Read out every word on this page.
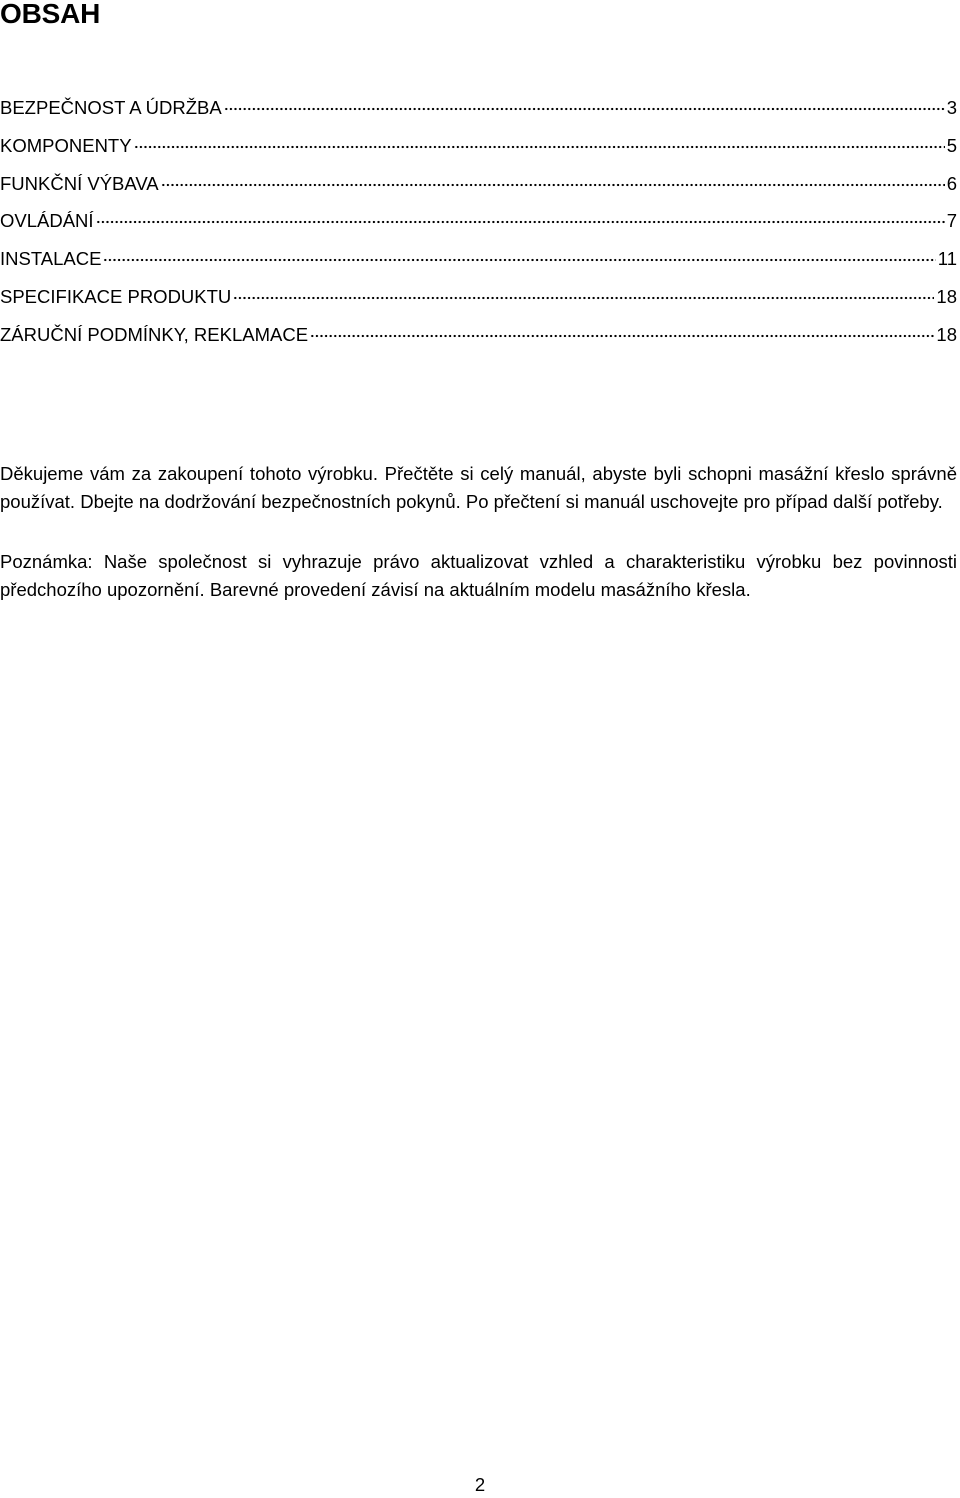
OBSAH
BEZPEČNOST A ÚDRŽBA	3
KOMPONENTY	5
FUNKČNÍ VÝBAVA	6
OVLÁDÁNÍ	7
INSTALACE	11
SPECIFIKACE PRODUKTU	18
ZÁRUČNÍ PODMÍNKY, REKLAMACE	18

Děkujeme vám za zakoupení tohoto výrobku. Přečtěte si celý manuál, abyste byli schopni masážní křeslo správně používat. Dbejte na dodržování bezpečnostních pokynů. Po přečtení si manuál uschovejte pro případ další potřeby.

Poznámka: Naše společnost si vyhrazuje právo aktualizovat vzhled a charakteristiku výrobku bez povinnosti předchozího upozornění. Barevné provedení závisí na aktuálním modelu masážního křesla.

2
